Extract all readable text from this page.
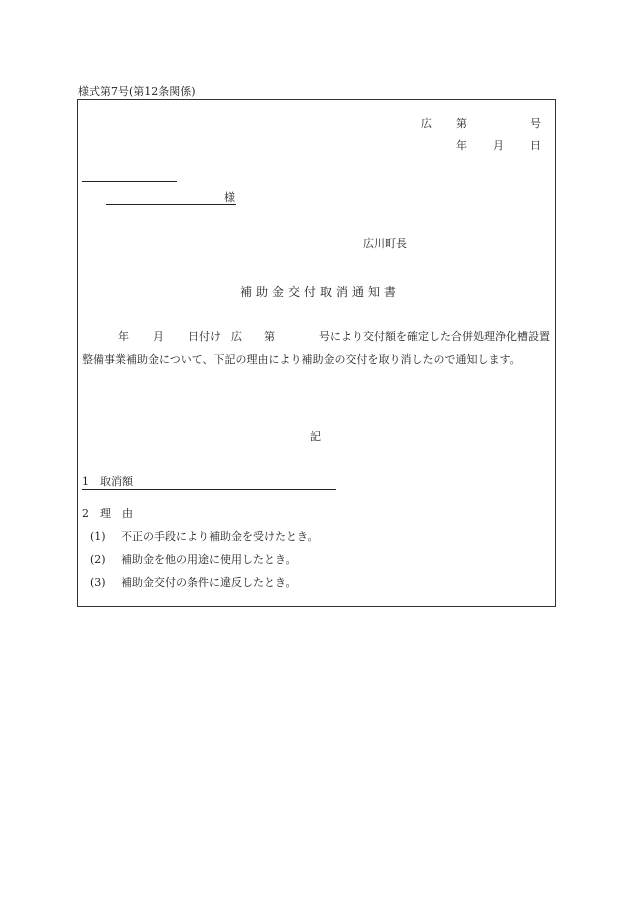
様式第7号(第12条関係)
広 第	号
年 月 日
様
広川町長
補助金交付取消通知書
年 月 日付け 広 第	号により交付額を確定した合併処理浄化槽設置整備事業補助金について、下記の理由により補助金の交付を取り消したので通知します。
記
1 取消額
2 理　由
(1) 不正の手段により補助金を受けたとき。
(2) 補助金を他の用途に使用したとき。
(3) 補助金交付の条件に違反したとき。
